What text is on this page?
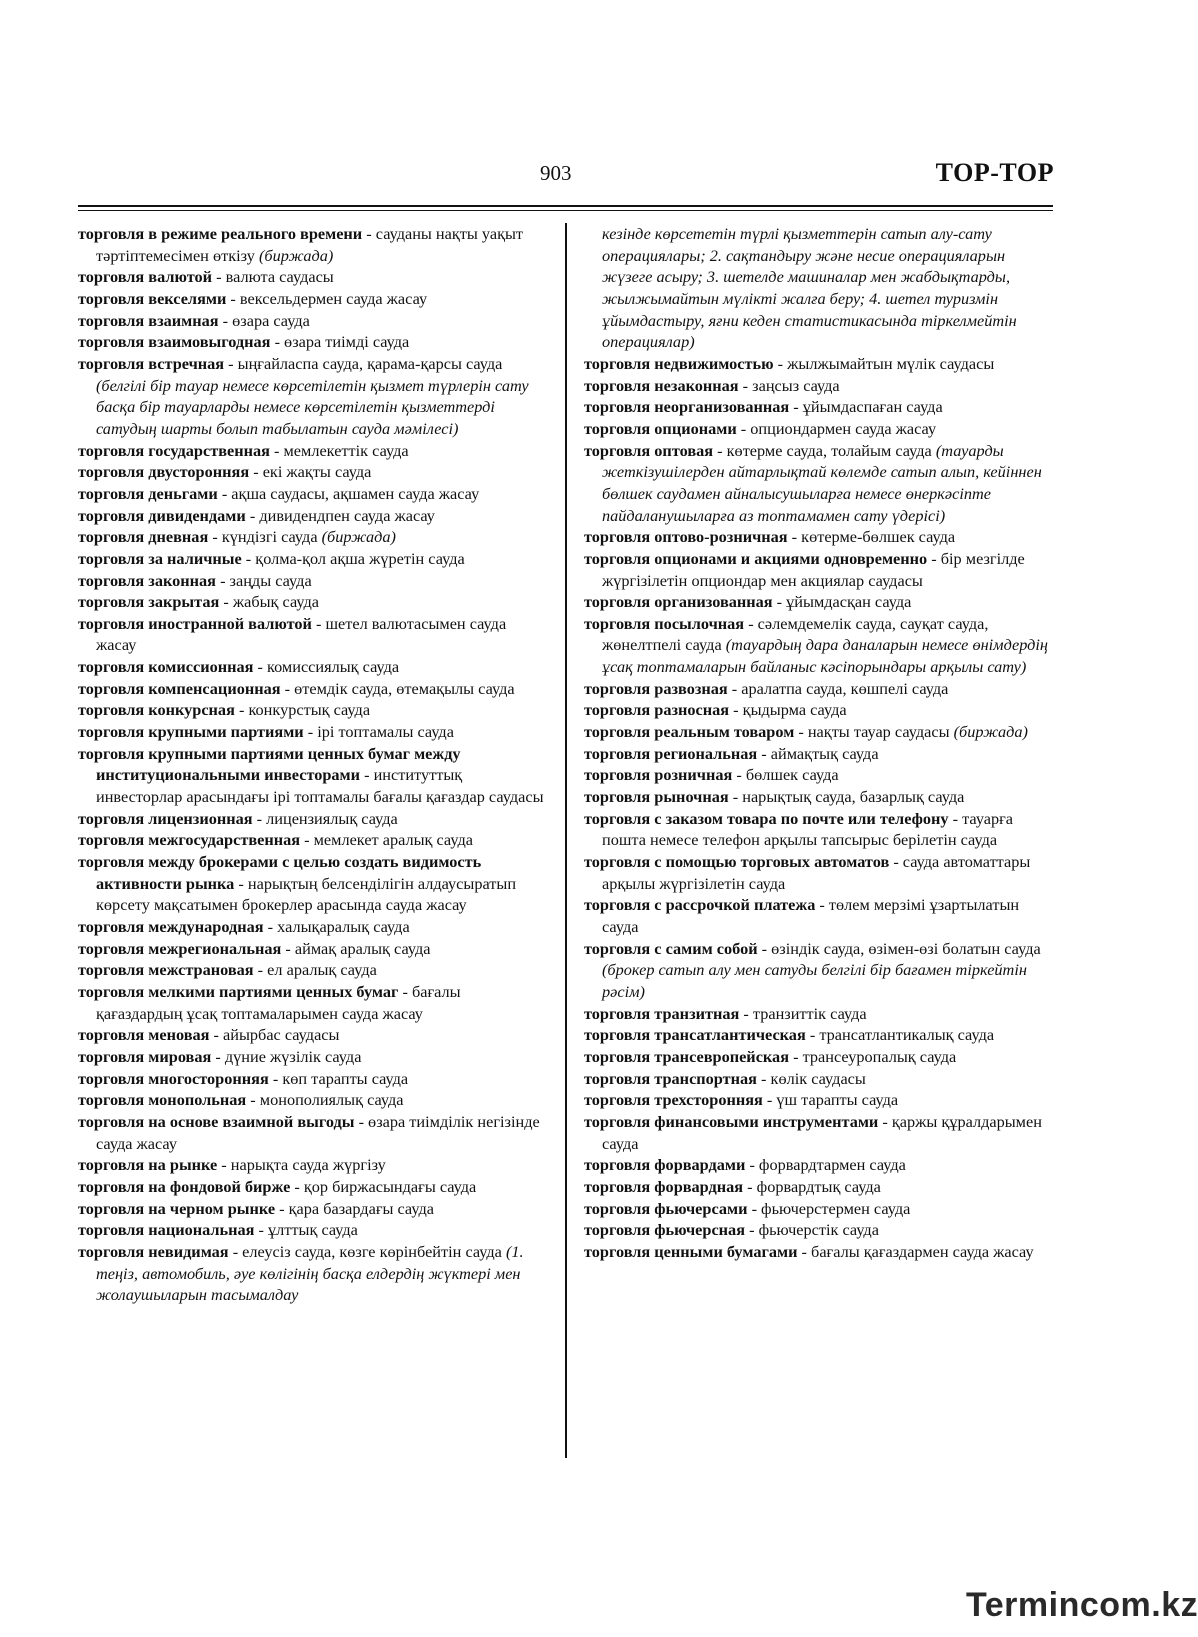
903	ТОР-ТОР

торговля в режиме реального времени - сауданы нақты уақыт тәртіптемесімен өткізу (биржада)

торговля валютой - валюта саудасы

торговля векселями - вексельдермен сауда жасау

торговля взаимная - өзара сауда

торговля взаимовыгодная - өзара тиімді сауда

торговля встречная - ыңғайласпа сауда, қарама-қарсы сауда (белгілі бір тауар немесе көрсетілетін қызмет түрлерін сату басқа бір тауарларды немесе көрсетілетін қызметтерді сатудың шарты болып табылатын сауда мәмілесі)

торговля государственная - мемлекеттік сауда

торговля двусторонняя - екі жақты сауда

торговля деньгами - ақша саудасы, ақшамен сауда жасау

торговля дивидендами - дивидендпен сауда жасау

торговля дневная - күндізгі сауда (биржада)

торговля за наличные - қолма-қол ақша жүретін сауда

торговля законная - заңды сауда

торговля закрытая - жабық сауда

торговля иностранной валютой - шетел валютасымен сауда жасау

торговля комиссионная - комиссиялық сауда

торговля компенсационная - өтемдік сауда, өтемақылы сауда

торговля конкурсная - конкурстық сауда

торговля крупными партиями - ірі топтамалы сауда

торговля крупными партиями ценных бумаг между институциональными инвесторами - институттық инвесторлар арасындағы ірі топтамалы бағалы қағаздар саудасы

торговля лицензионная - лицензиялық сауда

торговля межгосударственная - мемлекет аралық сауда

торговля между брокерами с целью создать видимость активности рынка - нарықтың белсенділігін алдаусыратып көрсету мақсатымен брокерлер арасында сауда жасау

торговля международная - халықаралық сауда

торговля межрегиональная - аймақ аралық сауда

торговля межстрановая - ел аралық сауда

торговля мелкими партиями ценных бумаг - бағалы қағаздардың ұсақ топтамаларымен сауда жасау

торговля меновая - айырбас саудасы

торговля мировая - дүние жүзілік сауда

торговля многосторонняя - көп тарапты сауда

торговля монопольная - монополиялық сауда

торговля на основе взаимной выгоды - өзара тиімділік негізінде сауда жасау

торговля на рынке - нарықта сауда жүргізу

торговля на фондовой бирже - қор биржасындағы сауда

торговля на черном рынке - қара базардағы сауда

торговля национальная - ұлттық сауда

торговля невидимая - елеусіз сауда, көзге көрінбейтін сауда (1. теңіз, автомобиль, әуе көлігінің басқа елдердің жүктері мен жолаушыларын тасымалдау

кезінде көрсететін түрлі қызметтерін сатып алу-сату операциялары; 2. сақтандыру және несие операцияларын жүзеге асыру; 3. шетелде машиналар мен жабдықтарды, жылжымайтын мүлікті жалға беру; 4. шетел туризмін ұйымдастыру, яғни кеден статистикасында тіркелмейтін операциялар)

торговля недвижимостью - жылжымайтын мүлік саудасы

торговля незаконная - заңсыз сауда

торговля неорганизованная - ұйымдаспаған сауда

торговля опционами - опциондармен сауда жасау

торговля оптовая - көтерме сауда, толайым сауда (тауарды жеткізушілерден айтарлықтай көлемде сатып алып, кейіннен бөлшек саудамен айналысушыларға немесе өнеркәсіпте пайдаланушыларға аз топтамамен сату үдерісі)

торговля оптово-розничная - көтерме-бөлшек сауда

торговля опционами и акциями одновременно - бір мезгілде жүргізілетін опциондар мен акциялар саудасы

торговля организованная - ұйымдасқан сауда

торговля посылочная - сәлемдемелік сауда, сауқат сауда, жөнелтпелі сауда (тауардың дара даналарын немесе өнімдердің ұсақ топтамаларын байланыс кәсіпорындары арқылы сату)

торговля развозная - аралатпа сауда, көшпелі сауда

торговля разносная - қыдырма сауда

торговля реальным товаром - нақты тауар саудасы (биржада)

торговля региональная - аймақтық сауда

торговля розничная - бөлшек сауда

торговля рыночная - нарықтық сауда, базарлық сауда

торговля с заказом товара по почте или телефону - тауарға пошта немесе телефон арқылы тапсырыс берілетін сауда

торговля с помощью торговых автоматов - сауда автоматтары арқылы жүргізілетін сауда

торговля с рассрочкой платежа - төлем мерзімі ұзартылатын сауда

торговля с самим собой - өзіндік сауда, өзімен-өзі болатын сауда (брокер сатып алу мен сатуды белгілі бір бағамен тіркейтін рәсім)

торговля транзитная - транзиттік сауда

торговля трансатлантическая - трансатлантикалық сауда

торговля трансевропейская - трансеуропалық сауда

торговля транспортная - көлік саудасы

торговля трехсторонняя - үш тарапты сауда

торговля финансовыми инструментами - қаржы құралдарымен сауда

торговля форвардами - форвардтармен сауда

торговля форвардная - форвардтық сауда

торговля фьючерсами - фьючерстермен сауда

торговля фьючерсная - фьючерстік сауда

торговля ценными бумагами - бағалы қағаздармен сауда жасау

Termincom.kz
